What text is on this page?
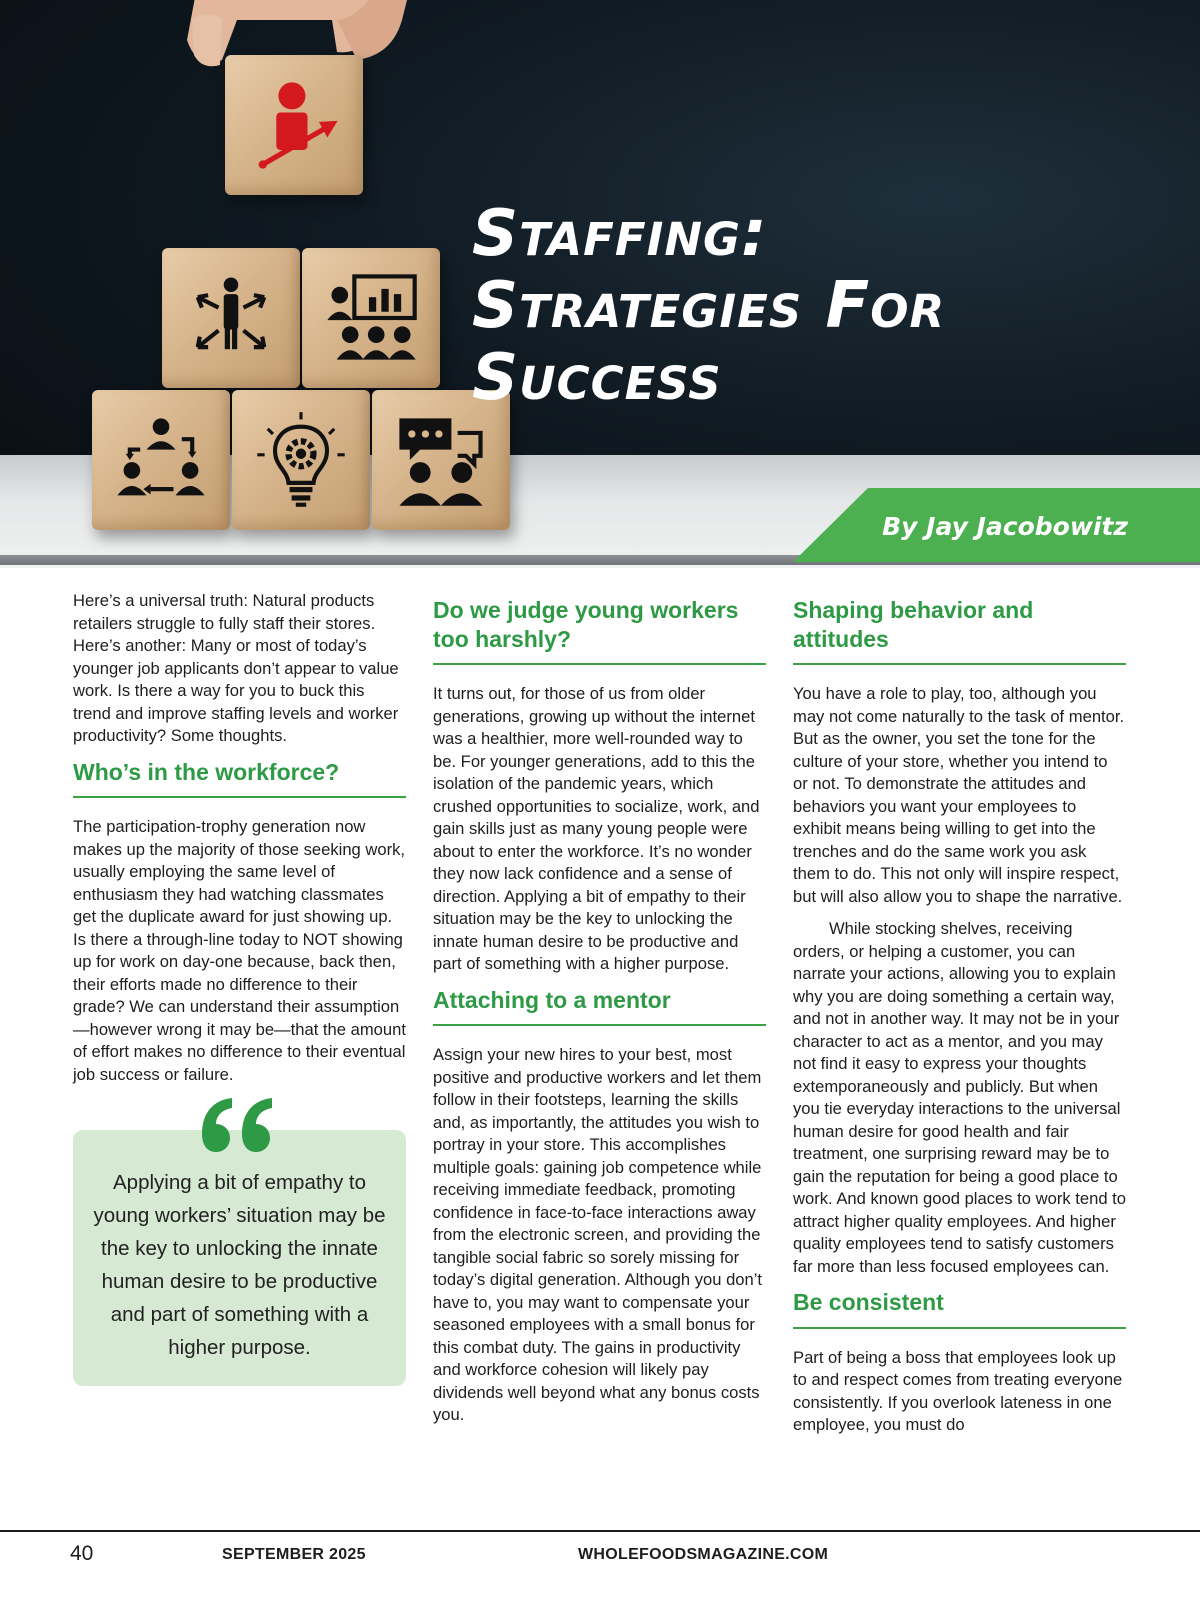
Staffing:
Strategies For Success
By Jay Jacobowitz

Here’s a universal truth: Natural products retailers struggle to fully staff their stores. Here’s another: Many or most of today’s younger job applicants don’t appear to value work. Is there a way for you to buck this trend and improve staffing levels and worker productivity? Some thoughts.

Who’s in the workforce?

The participation-trophy generation now makes up the majority of those seeking work, usually employing the same level of enthusiasm they had watching classmates get the duplicate award for just showing up. Is there a through-line today to NOT showing up for work on day-one because, back then, their efforts made no difference to their grade? We can understand their assumption—however wrong it may be—that the amount of effort makes no difference to their eventual job success or failure.

Applying a bit of empathy to young workers’ situation may be the key to unlocking the innate human desire to be productive and part of something with a higher purpose.
Do we judge young workers too harshly?

It turns out, for those of us from older generations, growing up without the internet was a healthier, more well-rounded way to be. For younger generations, add to this the isolation of the pandemic years, which crushed opportunities to socialize, work, and gain skills just as many young people were about to enter the workforce. It’s no wonder they now lack confidence and a sense of direction. Applying a bit of empathy to their situation may be the key to unlocking the innate human desire to be productive and part of something with a higher purpose.

Attaching to a mentor

Assign your new hires to your best, most positive and productive workers and let them follow in their footsteps, learning the skills and, as importantly, the attitudes you wish to portray in your store. This accomplishes multiple goals: gaining job competence while receiving immediate feedback, promoting confidence in face-to-face interactions away from the electronic screen, and providing the tangible social fabric so sorely missing for today’s digital generation. Although you don’t have to, you may want to compensate your seasoned employees with a small bonus for this combat duty. The gains in productivity and workforce cohesion will likely pay dividends well beyond what any bonus costs you.

Shaping behavior and attitudes

You have a role to play, too, although you may not come naturally to the task of mentor. But as the owner, you set the tone for the culture of your store, whether you intend to or not. To demonstrate the attitudes and behaviors you want your employees to exhibit means being willing to get into the trenches and do the same work you ask them to do. This not only will inspire respect, but will also allow you to shape the narrative.

While stocking shelves, receiving orders, or helping a customer, you can narrate your actions, allowing you to explain why you are doing something a certain way, and not in another way. It may not be in your character to act as a mentor, and you may not find it easy to express your thoughts extemporaneously and publicly. But when you tie everyday interactions to the universal human desire for good health and fair treatment, one surprising reward may be to gain the reputation for being a good place to work. And known good places to work tend to attract higher quality employees. And higher quality employees tend to satisfy customers far more than less focused employees can.

Be consistent

Part of being a boss that employees look up to and respect comes from treating everyone consistently. If you overlook lateness in one employee, you must do

40	SEPTEMBER 2025	WHOLEFOODSMAGAZINE.COM
